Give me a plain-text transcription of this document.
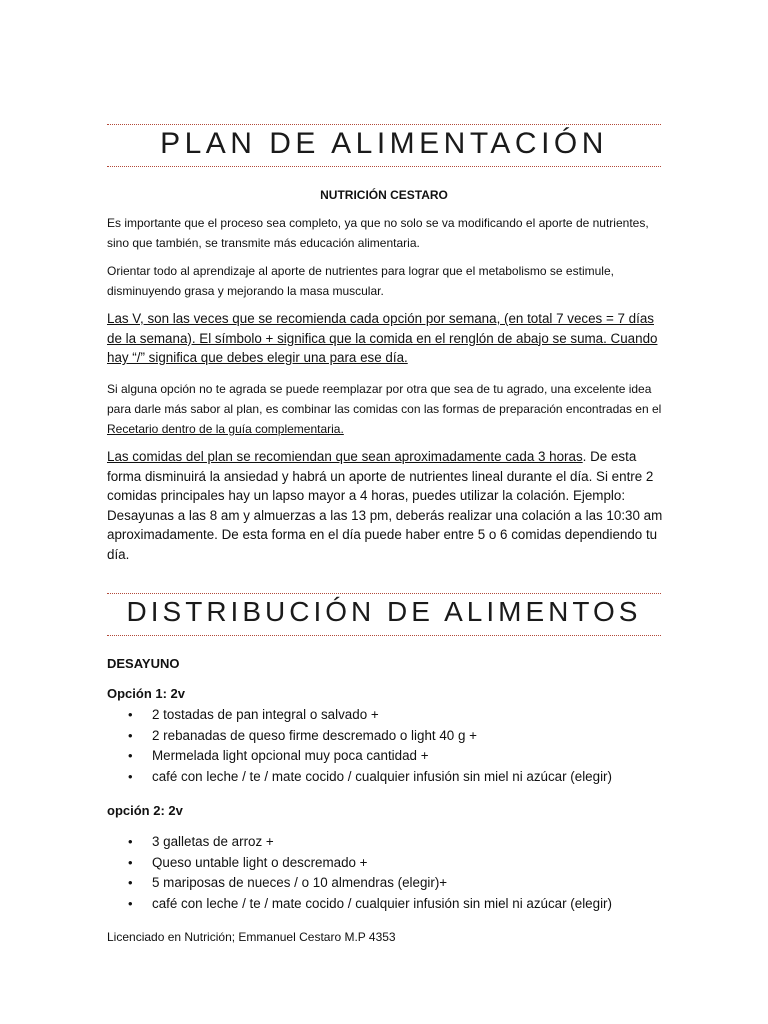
PLAN DE ALIMENTACIÓN

NUTRICIÓN CESTARO

Es importante que el proceso sea completo, ya que no solo se va modificando el aporte de nutrientes, sino que también, se transmite más educación alimentaria.

Orientar todo al aprendizaje al aporte de nutrientes para lograr que el metabolismo se estimule, disminuyendo grasa y mejorando la masa muscular.

Las V, son las veces que se recomienda cada opción por semana, (en total 7 veces = 7 días de la semana). El símbolo + significa que la comida en el renglón de abajo se suma. Cuando hay “/” significa que debes elegir una para ese día.

Si alguna opción no te agrada se puede reemplazar por otra que sea de tu agrado, una excelente idea para darle más sabor al plan, es combinar las comidas con las formas de preparación encontradas en el Recetario dentro de la guía complementaria.

Las comidas del plan se recomiendan que sean aproximadamente cada 3 horas. De esta forma disminuirá la ansiedad y habrá un aporte de nutrientes lineal durante el día. Si entre 2 comidas principales hay un lapso mayor a 4 horas, puedes utilizar la colación. Ejemplo: Desayunas a las 8 am y almuerzas a las 13 pm, deberás realizar una colación a las 10:30 am aproximadamente. De esta forma en el día puede haber entre 5 o 6 comidas dependiendo tu día.

DISTRIBUCIÓN DE ALIMENTOS

DESAYUNO

Opción 1: 2v

• 2 tostadas de pan integral o salvado +
• 2 rebanadas de queso firme descremado o light 40 g +
• Mermelada light opcional muy poca cantidad +
• café con leche / te / mate cocido / cualquier infusión sin miel ni azúcar (elegir)

opción 2: 2v

• 3 galletas de arroz +
• Queso untable light o descremado +
• 5 mariposas de nueces / o 10 almendras (elegir)+
• café con leche / te / mate cocido / cualquier infusión sin miel ni azúcar (elegir)

Licenciado en Nutrición; Emmanuel Cestaro M.P 4353
